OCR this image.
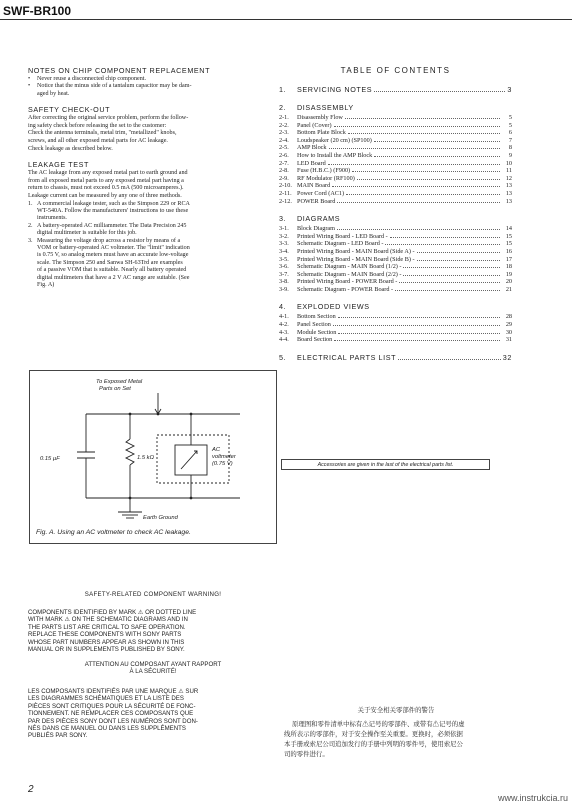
SWF-BR100
NOTES ON CHIP COMPONENT REPLACEMENT
•	Never reuse a disconnected chip component.
•	Notice that the minus side of a tantalum capacitor may be dam-
aged by heat.
SAFETY CHECK-OUT
After correcting the original service problem, perform the follow-
ing safety check before releasing the set to the customer:
Check the antenna terminals, metal trim, "metallized" knobs,
screws, and all other exposed metal parts for AC leakage.
Check leakage as described below.
LEAKAGE TEST
The AC leakage from any exposed metal part to earth ground and
from all exposed metal parts to any exposed metal part having a
return to chassis, must not exceed 0.5 mA (500 microamperes.).
Leakage current can be measured by any one of three methods.
1. A commercial leakage tester, such as the Simpson 229 or RCA
WT-540A. Follow the manufacturers' instructions to use these
instruments.
2. A battery-operated AC milliammeter. The Data Precision 245
digital multimeter is suitable for this job.
3. Measuring the voltage drop across a resistor by means of a
VOM or battery-operated AC voltmeter. The "limit" indication
is 0.75 V, so analog meters must have an accurate low-voltage
scale. The Simpson 250 and Sanwa SH-63Trd are examples
of a passive VOM that is suitable. Nearly all battery operated
digital multimeters that have a 2 V AC range are suitable. (See
Fig. A)
To Exposed Metal
Parts on Set
0.15 µF	1.5 kΩ
AC
voltmeter
(0.75 V)
Earth Ground
Fig. A. Using an AC voltmeter to check AC leakage.
TABLE OF CONTENTS
1.	SERVICING NOTES	3
2.	DISASSEMBLY
2-1.	Disassembly Flow	5
2-2.	Panel (Cover)	5
2-3.	Bottom Plate Block	6
2-4.	Loudspeaker (20 cm) (SP100)	7
2-5.	AMP Block	8
2-6.	How to Install the AMP Block	9
2-7.	LED Board	10
2-8.	Fuse (H.B.C.) (F900)	11
2-9.	RF Modulator (RF100)	12
2-10. MAIN Board	13
2-11. Power Cord (AC1)	13
2-12. POWER Board	13
3.	DIAGRAMS
3-1.	Block Diagram	14
3-2.	Printed Wiring Board - LED Board -	15
3-3.	Schematic Diagram - LED Board -	15
3-4.	Printed Wiring Board - MAIN Board (Side A) -	16
3-5.	Printed Wiring Board - MAIN Board (Side B) -	17
3-6.	Schematic Diagram - MAIN Board (1/2) -	18
3-7.	Schematic Diagram - MAIN Board (2/2) -	19
3-8.	Printed Wiring Board - POWER Board -	20
3-9.	Schematic Diagram - POWER Board -	21
4.	EXPLODED VIEWS
4-1.	Bottom Section	28
4-2.	Panel Section	29
4-3.	Module Section	30
4-4.	Board Section	31
5.	ELECTRICAL PARTS LIST	32
Accessories are given in the last of the electrical parts list.
SAFETY-RELATED COMPONENT WARNING!
COMPONENTS IDENTIFIED BY MARK ⚠ OR DOTTED LINE
WITH MARK ⚠ ON THE SCHEMATIC DIAGRAMS AND IN
THE PARTS LIST ARE CRITICAL TO SAFE OPERATION.
REPLACE THESE COMPONENTS WITH SONY PARTS
WHOSE PART NUMBERS APPEAR AS SHOWN IN THIS
MANUAL OR IN SUPPLEMENTS PUBLISHED BY SONY.
ATTENTION AU COMPOSANT AYANT RAPPORT
À LA SÉCURITÉ!
LES COMPOSANTS IDENTIFIÉS PAR UNE MARQUE ⚠ SUR
LES DIAGRAMMES SCHÉMATIQUES ET LA LISTE DES
PIÈCES SONT CRITIQUES POUR LA SÉCURITÉ DE FONC-
TIONNEMENT. NE REMPLACER CES COMPOSANTS QUE
PAR DES PIÈCES SONY DONT LES NUMÉROS SONT DON-
NÉS DANS CE MANUEL OU DANS LES SUPPLÉMENTS
PUBLIÉS PAR SONY.
关于安全相关零部件的警告
原理图和零件清单中标有⚠记号的零部件、或带有⚠记号的虚
线所表示的零部件，对于安全操作至关重要。更换时，必须依据
本手册或索尼公司追加发行的手册中列明的零件号，使用索尼公
司的零件进行。
2
www.instrukcia.ru
